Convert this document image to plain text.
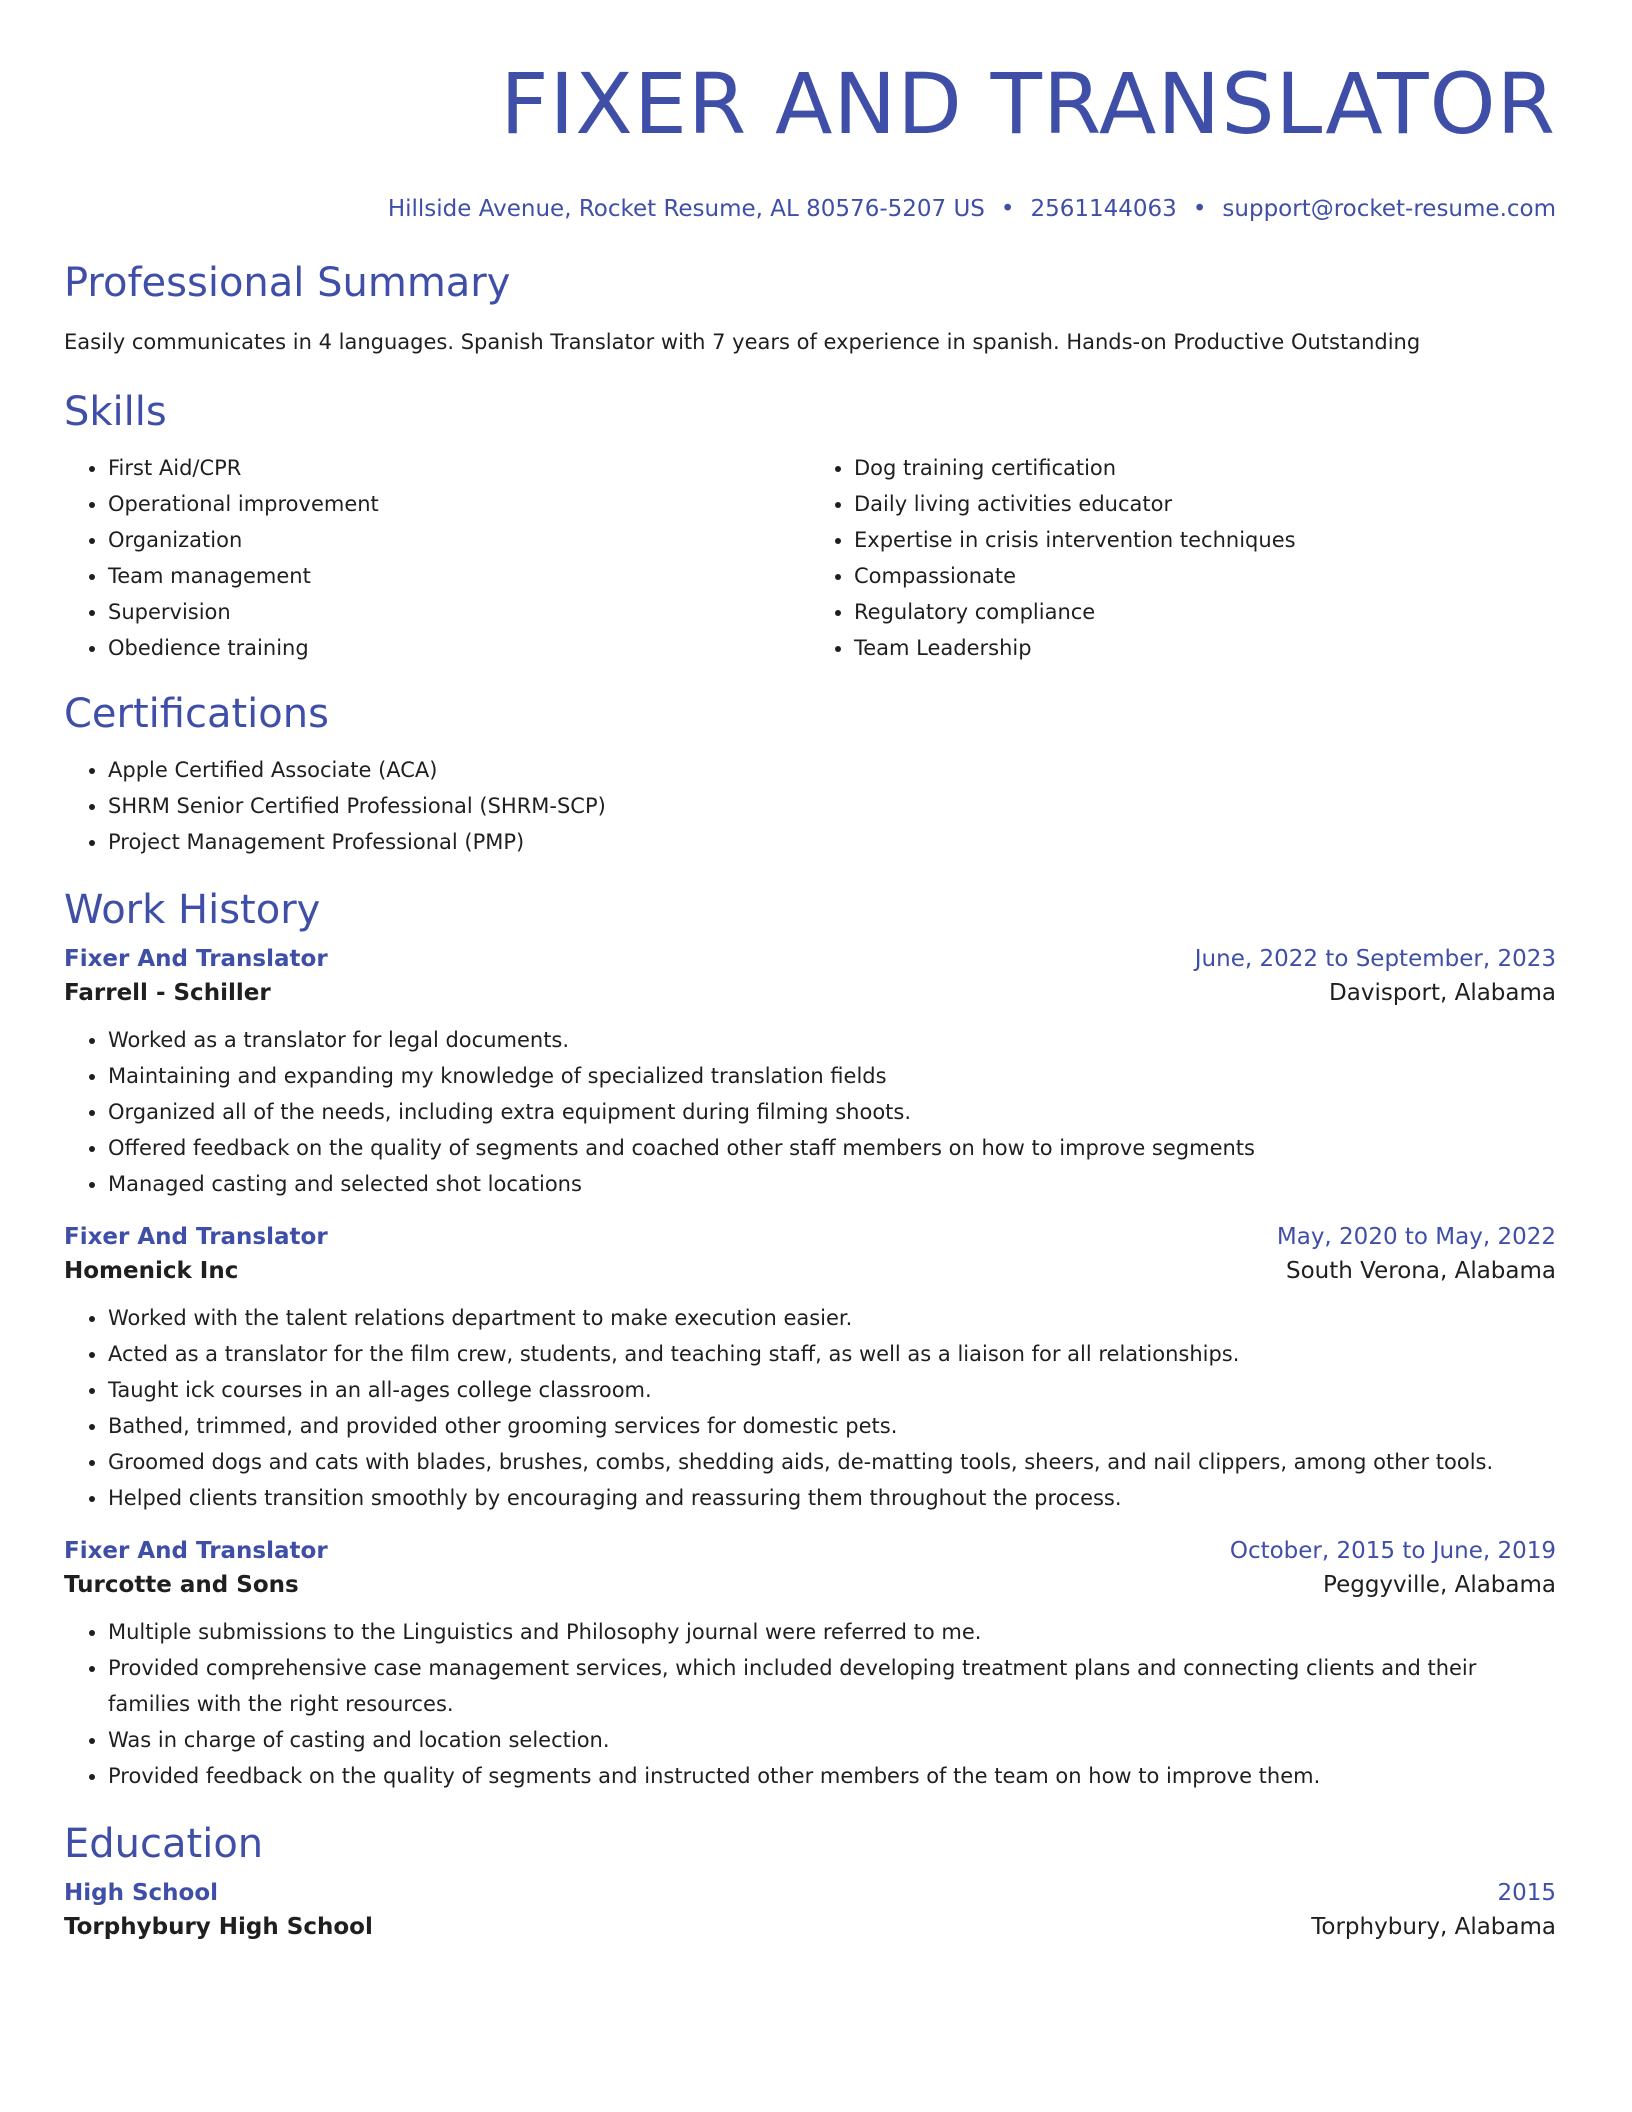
FIXER AND TRANSLATOR
Hillside Avenue, Rocket Resume, AL 80576-5207 US • 2561144063 • support@rocket-resume.com
Professional Summary

Easily communicates in 4 languages. Spanish Translator with 7 years of experience in spanish. Hands-on Productive Outstanding

Skills
• First Aid/CPR
• Operational improvement
• Organization
• Team management
• Supervision
• Obedience training
• Dog training certification
• Daily living activities educator
• Expertise in crisis intervention techniques
• Compassionate
• Regulatory compliance
• Team Leadership
Certifications
• Apple Certified Associate (ACA)
• SHRM Senior Certified Professional (SHRM-SCP)
• Project Management Professional (PMP)
Work History
Fixer And Translator	June, 2022 to September, 2023
Farrell - Schiller	Davisport, Alabama
• Worked as a translator for legal documents.
• Maintaining and expanding my knowledge of specialized translation fields
• Organized all of the needs, including extra equipment during filming shoots.
• Offered feedback on the quality of segments and coached other staff members on how to improve segments
• Managed casting and selected shot locations
Fixer And Translator	May, 2020 to May, 2022
Homenick Inc	South Verona, Alabama
• Worked with the talent relations department to make execution easier.
• Acted as a translator for the film crew, students, and teaching staff, as well as a liaison for all relationships.
• Taught ick courses in an all-ages college classroom.
• Bathed, trimmed, and provided other grooming services for domestic pets.
• Groomed dogs and cats with blades, brushes, combs, shedding aids, de-matting tools, sheers, and nail clippers, among other tools.
• Helped clients transition smoothly by encouraging and reassuring them throughout the process.
Fixer And Translator	October, 2015 to June, 2019
Turcotte and Sons	Peggyville, Alabama
• Multiple submissions to the Linguistics and Philosophy journal were referred to me.
• Provided comprehensive case management services, which included developing treatment plans and connecting clients and their families with the right resources.
• Was in charge of casting and location selection.
• Provided feedback on the quality of segments and instructed other members of the team on how to improve them.
Education
High School	2015
Torphybury High School	Torphybury, Alabama
